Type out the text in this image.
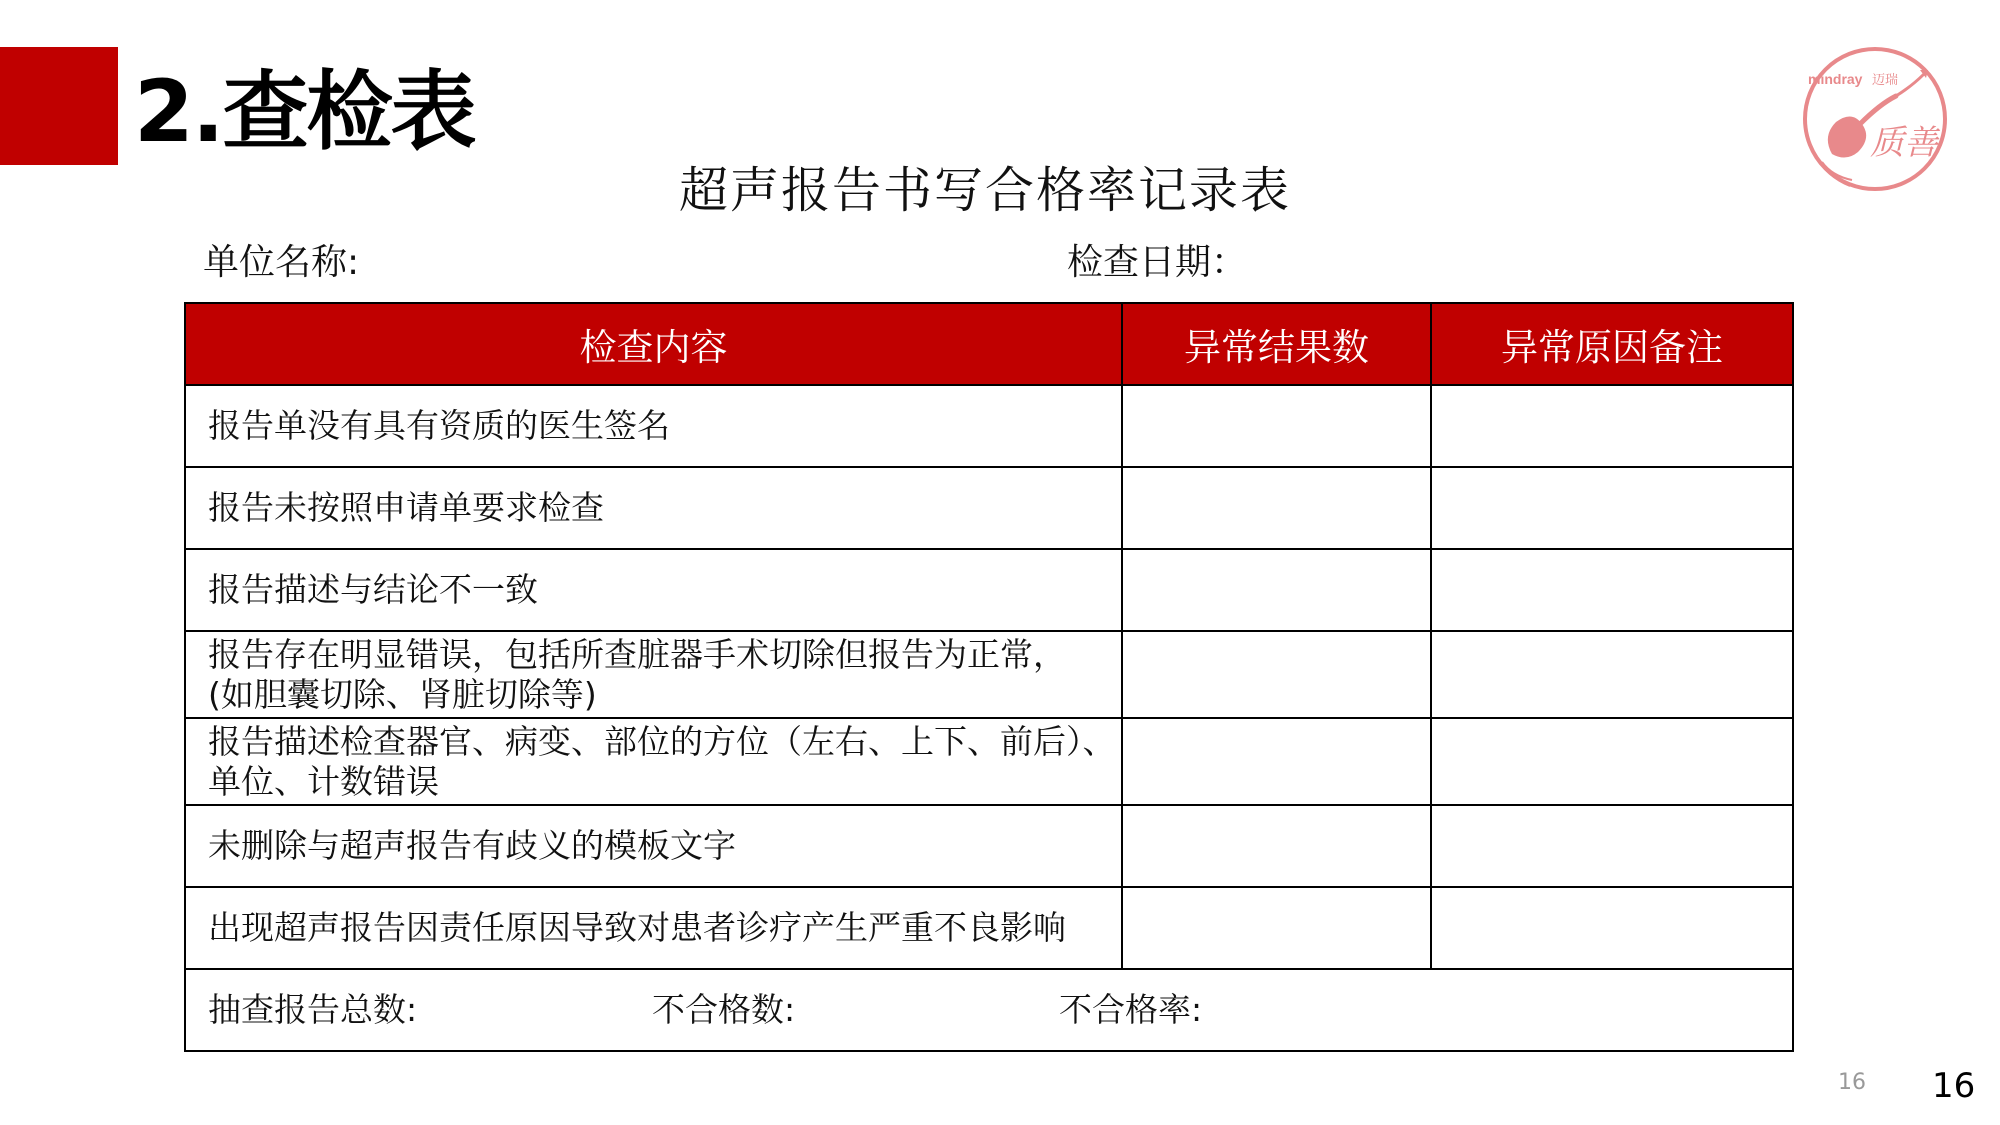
2.查检表	mindray 迈瑞
质善
超声报告书写合格率记录表
单位名称:	检查日期：
检查内容	异常结果数	异常原因备注
报告单没有具有资质的医生签名		
报告未按照申请单要求检查		
报告描述与结论不一致		
报告存在明显错误，包括所查脏器手术切除但报告为正常，
(如胆囊切除、肾脏切除等)		
报告描述检查器官、病变、部位的方位（左右、上下、前后）、
单位、计数错误		
未删除与超声报告有歧义的模板文字		
出现超声报告因责任原因导致对患者诊疗产生严重不良影响		

抽查报告总数: 不合格数: 不合格率:		
16 16
